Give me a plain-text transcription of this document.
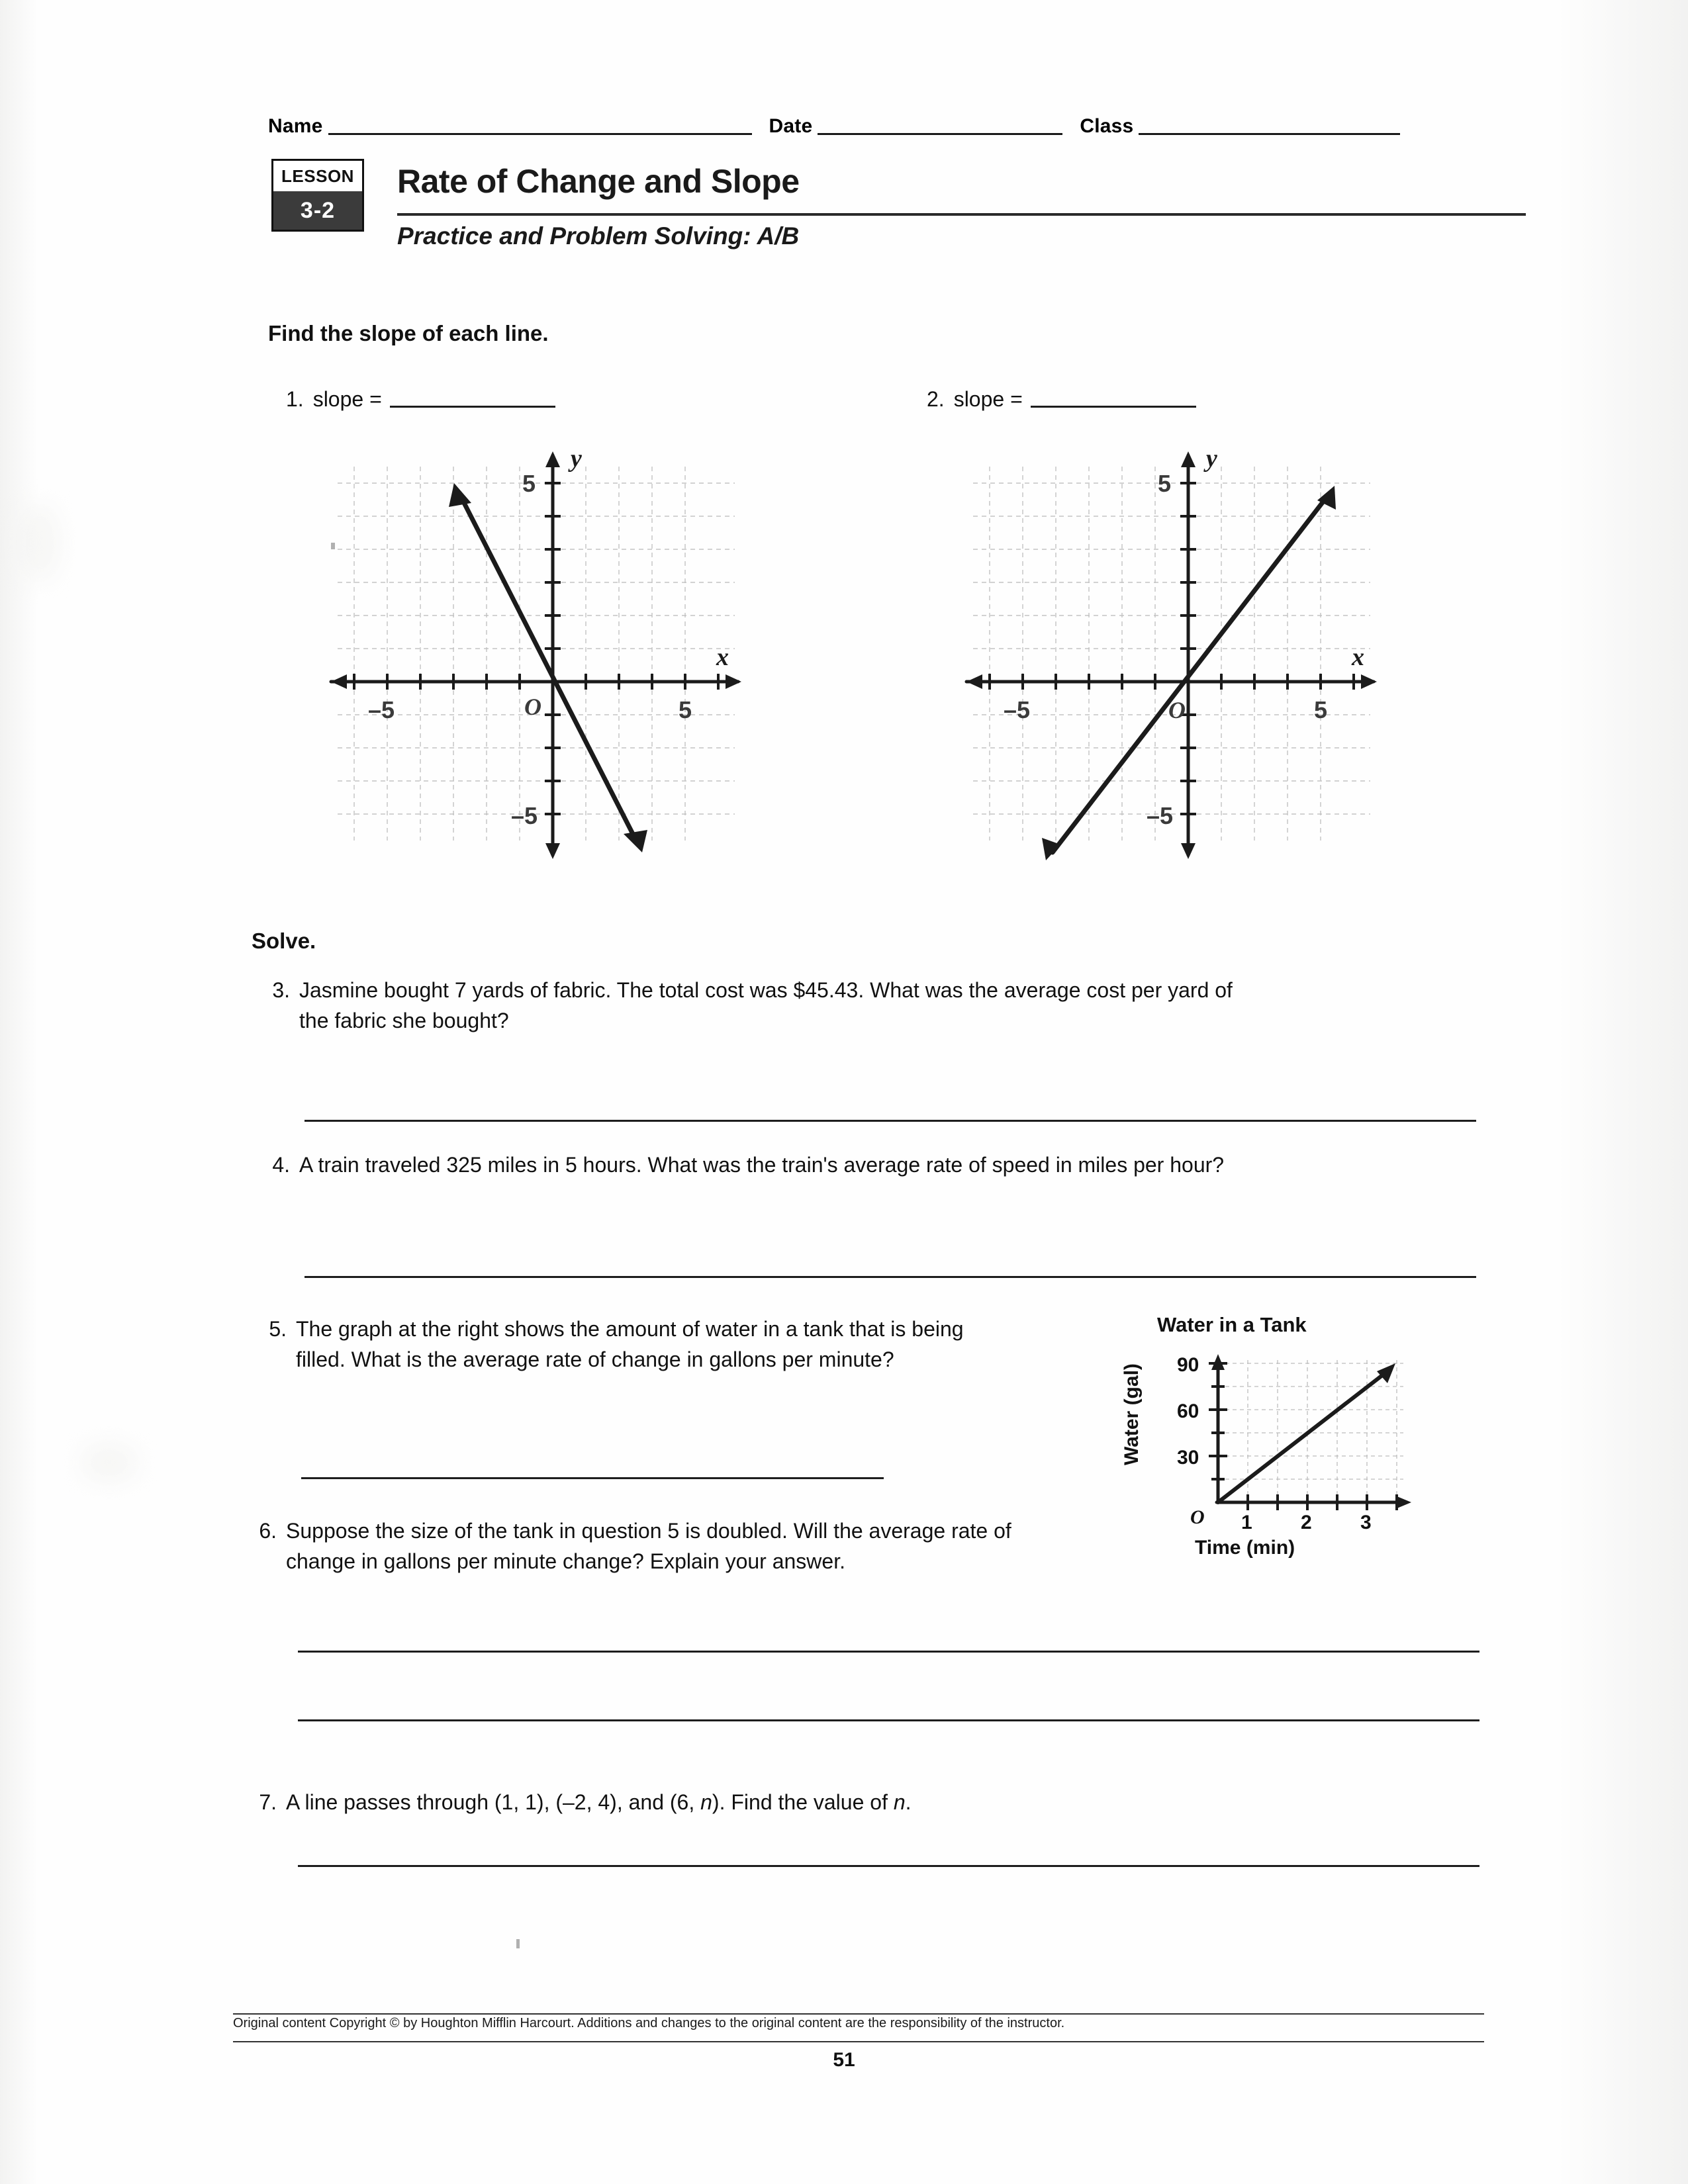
Name	Date	Class
LESSON
3-2
Rate of Change and Slope
Practice and Problem Solving: A/B
Find the slope of each line.
1. slope =	2. slope =
y
x
5
–5
–5	5
O
y
x
5
–5
–5	5
O
Solve.
3. Jasmine bought 7 yards of fabric. The total cost was $45.43. What was the average cost per yard of the fabric she bought?
4. A train traveled 325 miles in 5 hours. What was the train's average rate of speed in miles per hour?
5. The graph at the right shows the amount of water in a tank that is being filled. What is the average rate of change in gallons per minute?
Water in a Tank
Water (gal) 90
60
30
O 1 2 3
Time (min)
6. Suppose the size of the tank in question 5 is doubled. Will the average rate of change in gallons per minute change? Explain your answer.
7. A line passes through (1, 1), (–2, 4), and (6, n). Find the value of n.
Original content Copyright © by Houghton Mifflin Harcourt. Additions and changes to the original content are the responsibility of the instructor.
51
